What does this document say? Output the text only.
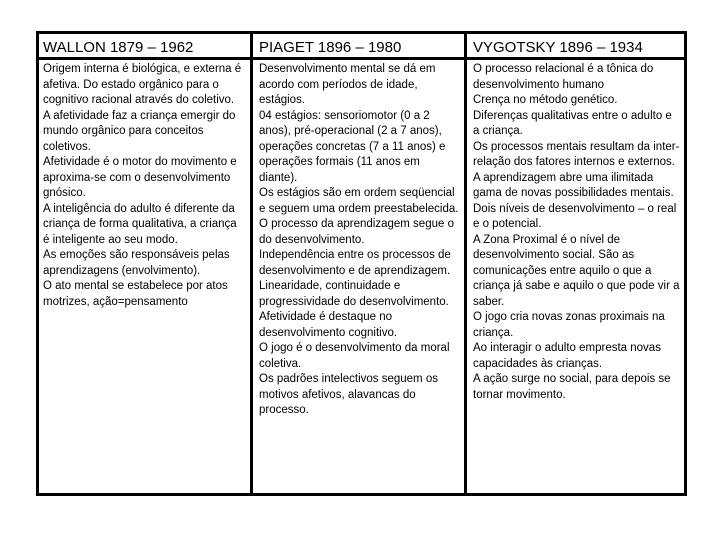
WALLON 1879 – 1962	PIAGET 1896 – 1980	VYGOTSKY 1896 – 1934

Origem interna é biológica, e externa é afetiva. Do estado orgânico para o cognitivo racional através do coletivo.

A afetividade faz a criança emergir do mundo orgânico para conceitos coletivos.

Afetividade é o motor do movimento e aproxima-se com o desenvolvimento gnósico.

A inteligência do adulto é diferente da criança de forma qualitativa, a criança é inteligente ao seu modo.

As emoções são responsáveis pelas aprendizagens (envolvimento).

O ato mental se estabelece por atos motrizes, ação=pensamento

Desenvolvimento mental se dá em acordo com períodos de idade, estágios.

04 estágios: sensoriomotor (0 a 2 anos), pré-operacional (2 a 7 anos), operações concretas (7 a 11 anos) e operações formais (11 anos em diante).

Os estágios são em ordem seqüencial e seguem uma ordem preestabelecida.

O processo da aprendizagem segue o do desenvolvimento.

Independência entre os processos de desenvolvimento e de aprendizagem.

Linearidade, continuidade e progressividade do desenvolvimento.

Afetividade é destaque no desenvolvimento cognitivo.

O jogo é o desenvolvimento da moral coletiva.

Os padrões intelectivos seguem os motivos afetivos, alavancas do processo.

O processo relacional é a tônica do desenvolvimento humano

Crença no método genético.

Diferenças qualitativas entre o adulto e a criança.

Os processos mentais resultam da inter-relação dos fatores internos e externos.

A aprendizagem abre uma ilimitada gama de novas possibilidades mentais.

Dois níveis de desenvolvimento – o real e o potencial.

A Zona Proximal é o nível de desenvolvimento social. São as comunicações entre aquilo o que a criança já sabe e aquilo o que pode vir a saber.

O jogo cria novas zonas proximais na criança.

Ao interagir o adulto empresta novas capacidades às crianças.

A ação surge no social, para depois se tornar movimento.
